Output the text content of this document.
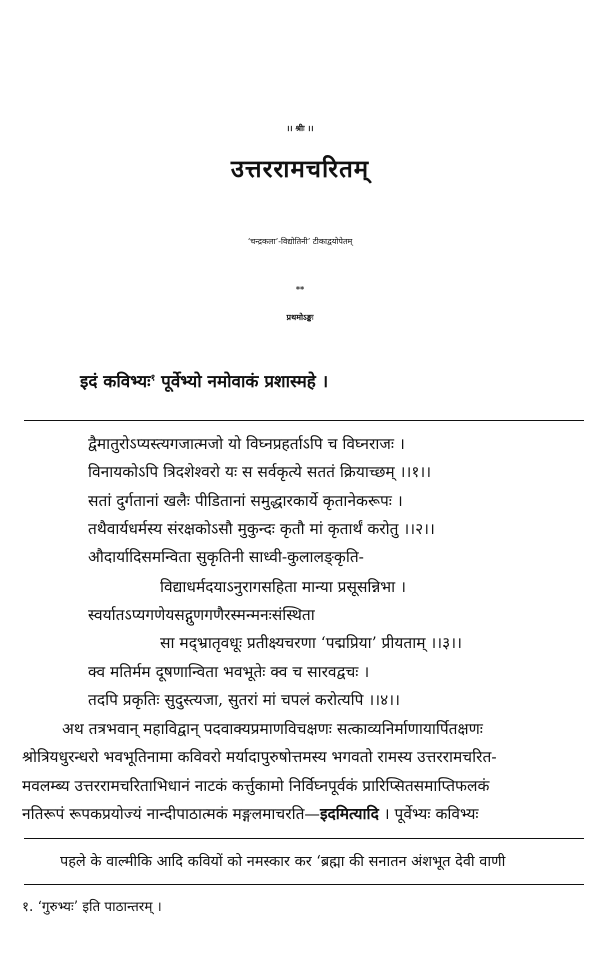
।। श्रीः ।।
उत्तररामचरितम्
‘चन्द्रकला’-विद्योतिनी’ टीकाद्वयोपेतम्
**
प्रथमोऽङ्कः
इदं कविभ्यः$^१$ पूर्वेभ्यो नमोवाकं प्रशास्महे ।
द्वैमातुरोऽप्यस्त्यगजात्मजो यो विघ्नप्रहर्ताऽपि च विघ्नराजः ।
विनायकोऽपि त्रिदशेश्वरो यः स सर्वकृत्ये सततं क्रियाच्छम् ।।१।।
सतां दुर्गतानां खलैः पीडितानां समुद्धारकार्ये कृतानेकरूपः ।
तथैवार्यधर्मस्य संरक्षकोऽसौ मुकुन्दः कृतौ मां कृतार्थं करोतु ।।२।।
औदार्यादिसमन्विता सुकृतिनी साध्वी-कुलालङ्कृति-
विद्याधर्मदयाऽनुरागसहिता मान्या प्रसूसन्निभा ।
स्वर्यातऽप्यगणेयसद्गुणगणैरस्मन्मनःसंस्थिता
सा मद्भ्रातृवधूः प्रतीक्ष्यचरणा ‘पद्मप्रिया’ प्रीयताम् ।।३।।
क्व मतिर्मम दूषणान्विता भवभूतेः क्व च सारवद्वचः ।
तदपि प्रकृतिः सुदुस्त्यजा, सुतरां मां चपलं करोत्यपि ।।४।।
अथ तत्रभवान् महाविद्वान् पदवाक्यप्रमाणविचक्षणः सत्काव्यनिर्माणायार्पितक्षणः
श्रोत्रियधुरन्धरो भवभूतिनामा कविवरो मर्यादापुरुषोत्तमस्य भगवतो रामस्य उत्तररामचरित-
मवलम्ब्य उत्तररामचरिताभिधानं नाटकं कर्त्तुकामो निर्विघ्नपूर्वकं प्रारिप्सितसमाप्तिफलकं
नतिरूपं रूपकप्रयोज्यं नान्दीपाठात्मकं मङ्गलमाचरति—इदमित्यादि । पूर्वेभ्यः कविभ्यः
पहले के वाल्मीकि आदि कवियों को नमस्कार कर ‘ब्रह्मा की सनातन अंशभूत देवी वाणी
१. ‘गुरुभ्यः’ इति पाठान्तरम् ।
